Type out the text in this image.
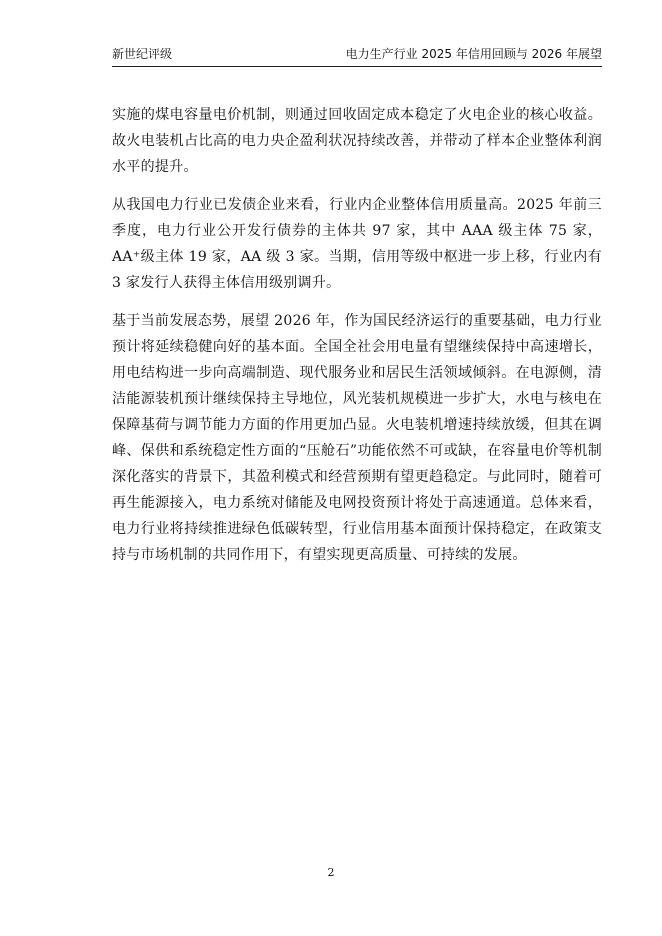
新世纪评级	电力生产行业 2025 年信用回顾与 2026 年展望

实施的煤电容量电价机制，则通过回收固定成本稳定了火电企业的核心收益。故火电装机占比高的电力央企盈利状况持续改善，并带动了样本企业整体利润水平的提升。

从我国电力行业已发债企业来看，行业内企业整体信用质量高。2025 年前三季度，电力行业公开发行债券的主体共 97 家，其中 AAA 级主体 75 家，AA⁺级主体 19 家，AA 级 3 家。当期，信用等级中枢进一步上移，行业内有 3 家发行人获得主体信用级别调升。

基于当前发展态势，展望 2026 年，作为国民经济运行的重要基础，电力行业预计将延续稳健向好的基本面。全国全社会用电量有望继续保持中高速增长，用电结构进一步向高端制造、现代服务业和居民生活领域倾斜。在电源侧，清洁能源装机预计继续保持主导地位，风光装机规模进一步扩大，水电与核电在保障基荷与调节能力方面的作用更加凸显。火电装机增速持续放缓，但其在调峰、保供和系统稳定性方面的“压舱石”功能依然不可或缺，在容量电价等机制深化落实的背景下，其盈利模式和经营预期有望更趋稳定。与此同时，随着可再生能源接入，电力系统对储能及电网投资预计将处于高速通道。总体来看，电力行业将持续推进绿色低碳转型，行业信用基本面预计保持稳定，在政策支持与市场机制的共同作用下，有望实现更高质量、可持续的发展。

2
